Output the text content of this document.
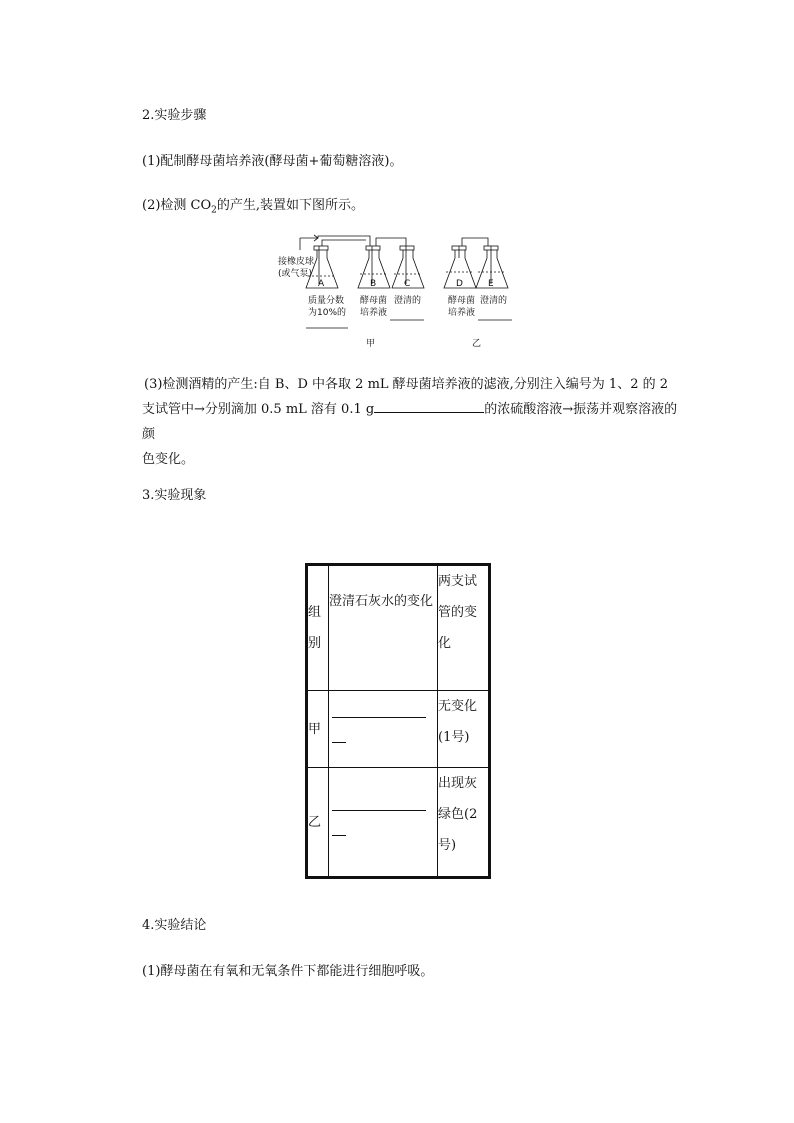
2.实验步骤
(1)配制酵母菌培养液(酵母菌+葡萄糖溶液)。
(2)检测 $CO_2$的产生,装置如下图所示。
接橡皮球
(或气泵)
A	B	C	D	E
质量分数
为10%的
酵母菌
培养液
澄清的	酵母菌
培养液
澄清的
甲	乙
(3)检测酒精的产生:自 B、D 中各取 2 mL 酵母菌培养液的滤液,分别注入编号为 1、2 的 2
支试管中→分别滴加 0.5 mL 溶有 0.1 g	的浓硫酸溶液→振荡并观察溶液的颜
色变化。
3.实验现象
组别	澄清石灰水的变化	两支试管的变化
甲		无变化(1号)
乙		出现灰绿色(2号)
4.实验结论
(1)酵母菌在有氧和无氧条件下都能进行细胞呼吸。
